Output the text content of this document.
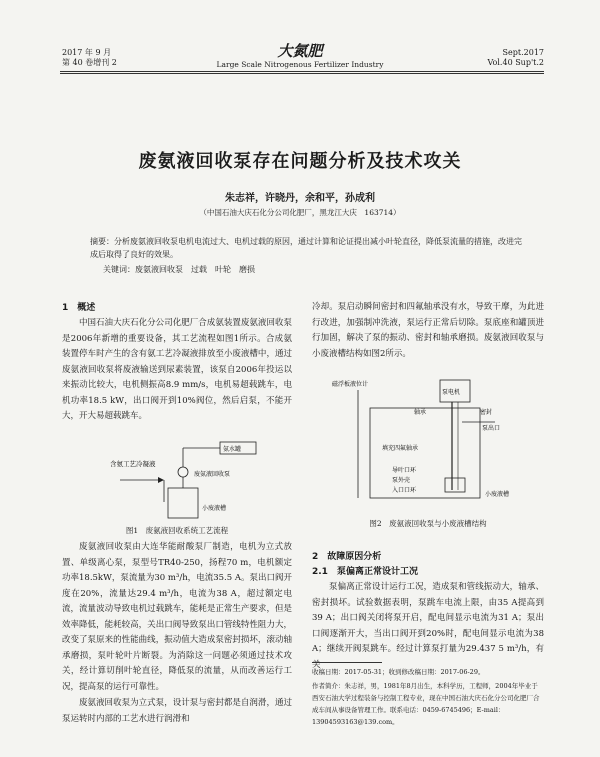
2017 年 9 月
第 40 卷增刊 2
大氮肥
Large Scale Nitrogenous Fertilizer Industry
Sept.2017
Vol.40 Sup't.2
废氨液回收泵存在问题分析及技术攻关
朱志祥，许晓丹，余和平，孙成利
（中国石油大庆石化分公司化肥厂，黑龙江大庆　163714）
摘要：分析废氨液回收泵电机电流过大、电机过载的原因，通过计算和论证提出减小叶轮直径，降低泵流量的措施，改进完成后取得了良好的效果。
关键词：废氨液回收泵　过载　叶轮　磨损
1　概述
中国石油大庆石化分公司化肥厂合成氨装置废氨液回收泵是2006年新增的重要设备，其工艺流程如图1所示。合成氨装置停车时产生的含有氨工艺冷凝液排放至小废液槽中，通过废氨液回收泵将废液输送到尿素装置，该泵自2006年投运以来振动比较大，电机侧振高8.9 mm/s，电机易超载跳车，电机功率18.5 kW，出口阀开到10%阀位，然后启泵，不能开大，开大易超载跳车。
含氨工艺冷凝液
小废液槽
废氨液回收泵
氨水罐
图1　废氨液回收系统工艺流程
废氨液回收泵由大连华能耐酸泵厂制造，电机为立式放置、单级离心泵，泵型号TR40-250，扬程70 m，电机额定功率18.5kW，泵流量为30 m³/h，电流35.5 A。泵出口阀开度在20%，流量达29.4 m³/h，电流为38 A，超过额定电流，流量波动导致电机过载跳车，能耗是正常生产要求，但是效率降低，能耗较高，关出口阀导致泵出口管线特性阻力大，改变了泵原来的性能曲线，振动值大造成泵密封损坏，滚动轴承磨损，泵叶轮叶片断裂。为消除这一问题必须通过技术攻关，经计算切削叶轮直径，降低泵的流量，从而改善运行工况，提高泵的运行可靠性。
废氨液回收泵为立式泵，设计泵与密封都是自润滑，通过泵运转时内部的工艺水进行润滑和
冷却。泵启动瞬间密封和四氟轴承没有水，导致干摩，为此进行改进，加强制冲洗液，泵运行正常后切除。泵底座和罐顶进行加固，解决了泵的振动、密封和轴承磨损。废氨液回收泵与小废液槽结构如图2所示。
磁浮板液位计
泵电机
轴承	密封
泵出口
填充四氟轴承
导叶口环
泵外壳
入口口环
小废液槽
图2　废氨液回收泵与小废液槽结构
2　故障原因分析
2.1　泵偏离正常设计工况
泵偏离正常设计运行工况，造成泵和管线振动大，轴承、密封损坏。试验数据表明，泵跳车电流上限，由35 A提高到39 A；出口阀关闭将泵开启，配电间显示电流为31 A；泵出口阀逐渐开大，当出口阀开到20%时，配电间显示电流为38 A；继续开阀泵跳车。经过计算泵打量为29.437 5 m³/h，有关
收稿日期：2017-05-31；收到修改稿日期：2017-06-29。
作者简介：朱志祥，男，1981年8月出生，本科学历，工程师，2004年毕业于西安石油大学过程装备与控制工程专业，现在中国石油大庆石化分公司化肥厂合成车间从事设备管理工作。联系电话：0459-6745496；E-mail：13904593163@139.com。
